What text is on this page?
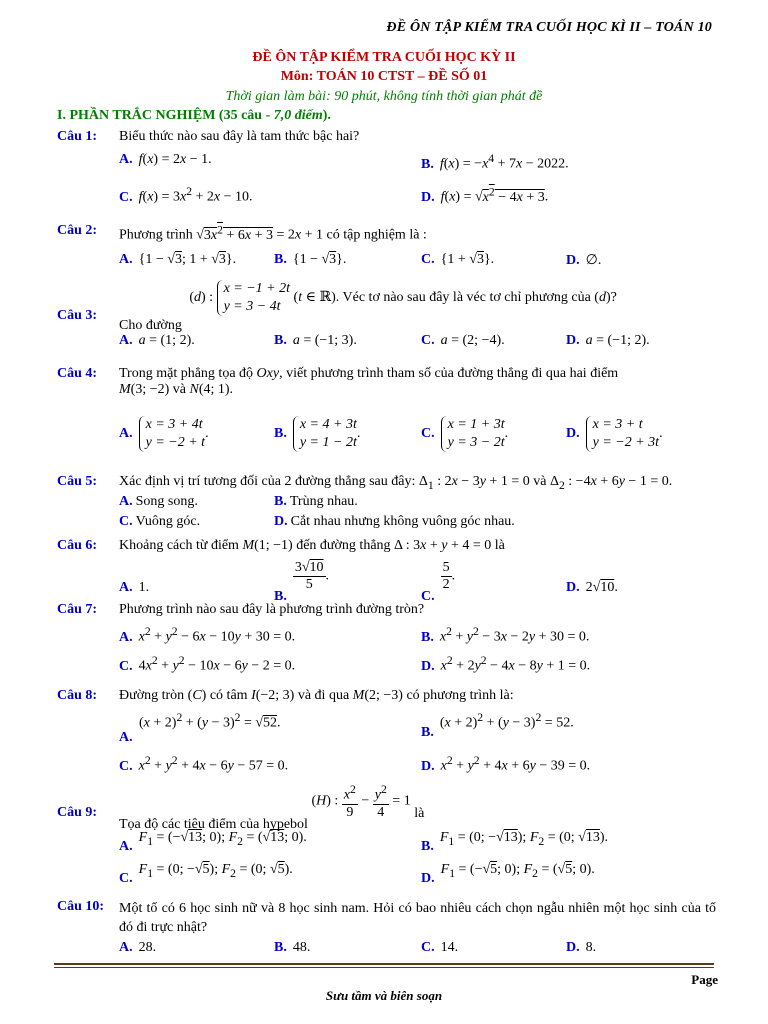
ĐỀ ÔN TẬP KIỂM TRA CUỐI HỌC KÌ II – TOÁN 10
ĐỀ ÔN TẬP KIỂM TRA CUỐI HỌC KỲ II
Môn: TOÁN 10 CTST – ĐỀ SỐ 01
Thời gian làm bài: 90 phút, không tính thời gian phát đề
I. PHẦN TRẮC NGHIỆM (35 câu - 7,0 điểm).
Câu 1: Biểu thức nào sau đây là tam thức bậc hai?
A. f(x) = 2x − 1.	B. $f(x) = -x^4 + 7x - 2022$.
C. $f(x) = 3x^2 + 2x - 10$.	D. $f(x) = √x^2 - 4x + 3$.
Câu 2: Phương trình $√3x^2 + 6x + 3 = 2x + 1$ có tập nghiệm là :
A. {1 − √3; 1 + √3}.	B. {1 − √3}.	C. {1 + √3}.	D. ∅.
Câu 3:
Cho đường (d) : x = −1 + 2t
y = 3 − 4t (t ∈ ℝ). Véc tơ nào sau đây là véc tơ chỉ phương của (d)?
A. a = (1; 2).	B. a = (−1; 3).	C. a = (2; −4).	D. a = (−1; 2).
Câu 4: Trong mặt phẳng tọa độ Oxy, viết phương trình tham số của đường thẳng đi qua hai điểm
M(3; −2) và N(4; 1).
A.x = 3 + 4t
y = −2 + t.	B.x = 4 + 3t
y = 1 − 2t.	C.x = 1 + 3t
y = 3 − 2t.	D.x = 3 + t
y = −2 + 3t.
Câu 5: Xác định vị trí tương đối của 2 đường thẳng sau đây: $\Delta_1$ : 2x − 3y + 1 = 0 và $\Delta_2$ : −4x + 6y − 1 = 0.
A. Song song.	B. Trùng nhau.
C. Vuông góc.	D. Cắt nhau nhưng không vuông góc nhau.
Câu 6: Khoảng cách từ điểm M(1; −1) đến đường thẳng Δ : 3x + y + 4 = 0 là
A. 1.
B.
$\frac{3√10}{5}$ .
C.
$\frac{5}{2}$ .
D. 2√10.
Câu 7: Phương trình nào sau đây là phương trình đường tròn?
A. $x^2 + y^2 - 6x - 10y + 30 = 0$.	B. $x^2 + y^2 - 3x - 2y + 30 = 0$.
C. $4x^2 + y^2 - 10x - 6y - 2 = 0$.	D. $x^2 + 2y^2 - 4x - 8y + 1 = 0$.
Câu 8: Đường tròn (C) có tâm I(−2; 3) và đi qua M(2; −3) có phương trình là:
$(x + 2)^2 + (y - 3)^2 = √52$.
A.	$B.(x + 2)^2 + (y - 3)^2 = 52$.
C. $x^2 + y^2 + 4x - 6y - 57 = 0$.	D. $x^2 + y^2 + 4x + 6y - 39 = 0$.
Câu 9:
Tọa độ các tiêu điểm của hypebol (H) : $\frac{x^2}{9} - \frac{y^2}{4} = 1$ là
$A.F_1 = (-√13$; 0); $F_2 = (√13$; 0).
$B.F_1 = (0$; −√13); $F_2 = (0$; √13).
$C.F_1 = (0$; −√5); $F_2 = (0$; √5).
$D.F_1 = (-√5$; 0); $F_2 = (√5$; 0).
Câu 10: Một tổ có 6 học sinh nữ và 8 học sinh nam. Hỏi có bao nhiêu cách chọn ngẫu nhiên một học sinh của tổ đó đi trực nhật?
A. 28.	B. 48.	C. 14.	D. 8.
Page
Sưu tầm và biên soạn
